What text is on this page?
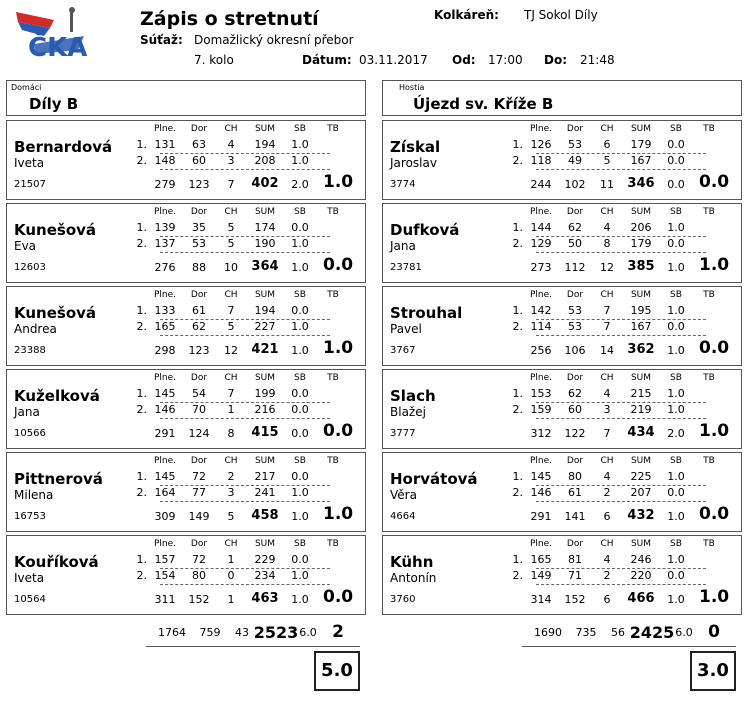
ČKA
Zápis o stretnutí	Kolkáreň: TJ Sokol Díly
Súťaž: Domažlický okresní přebor
7. kolo	Dátum: 03.11.2017 Od: 17:00 Do: 21:48
Domáci
Díly B
Hostia
Újezd sv. Kříže B
Bernardová
Iveta
21507	1.0
Plne.	Dor	CH	SUM	SB	TB
1. 131	63	4	194	1.0
2. 148	60	3	208	1.0
279	123	7	402	2.0
Kunešová
Eva
12603	0.0
Plne.	Dor	CH	SUM	SB	TB
1. 139	35	5	174	0.0
2. 137	53	5	190	1.0
276	88	10	364	1.0
Kunešová
Andrea
23388	1.0
Plne.	Dor	CH	SUM	SB	TB
1. 133	61	7	194	0.0
2. 165	62	5	227	1.0
298	123	12	421	1.0
Kuželková
Jana
10566	0.0
Plne.	Dor	CH	SUM	SB	TB
1. 145	54	7	199	0.0
2. 146	70	1	216	0.0
291	124	8	415	0.0
Pittnerová
Milena
16753	1.0
Plne.	Dor	CH	SUM	SB	TB
1. 145	72	2	217	0.0
2. 164	77	3	241	1.0
309	149	5	458	1.0
Kouříková
Iveta
10564	0.0
Plne.	Dor	CH	SUM	SB	TB
1. 157	72	1	229	0.0
2. 154	80	0	234	1.0
311	152	1	463	1.0
Získal
Jaroslav
3774	0.0
Plne.	Dor	CH	SUM	SB	TB
1. 126	53	6	179	0.0
2. 118	49	5	167	0.0
244	102	11	346	0.0
Dufková
Jana
23781	1.0
Plne.	Dor	CH	SUM	SB	TB
1. 144	62	4	206	1.0
2. 129	50	8	179	0.0
273	112	12	385	1.0
Strouhal
Pavel
3767	0.0
Plne.	Dor	CH	SUM	SB	TB
1. 142	53	7	195	1.0
2. 114	53	7	167	0.0
256	106	14	362	1.0
Slach
Blažej
3777	1.0
Plne.	Dor	CH	SUM	SB	TB
1. 153	62	4	215	1.0
2. 159	60	3	219	1.0
312	122	7	434	2.0
Horvátová
Věra
4664	0.0
Plne.	Dor	CH	SUM	SB	TB
1. 145	80	4	225	1.0
2. 146	61	2	207	0.0
291	141	6	432	1.0
Kühn
Antonín
3760	1.0
Plne.	Dor	CH	SUM	SB	TB
1. 165	81	4	246	1.0
2. 149	71	2	220	0.0
314	152	6	466	1.0
1764	759	43 2523 6.0 2
5.0
1690	735	56 2425 6.0 0
3.0
